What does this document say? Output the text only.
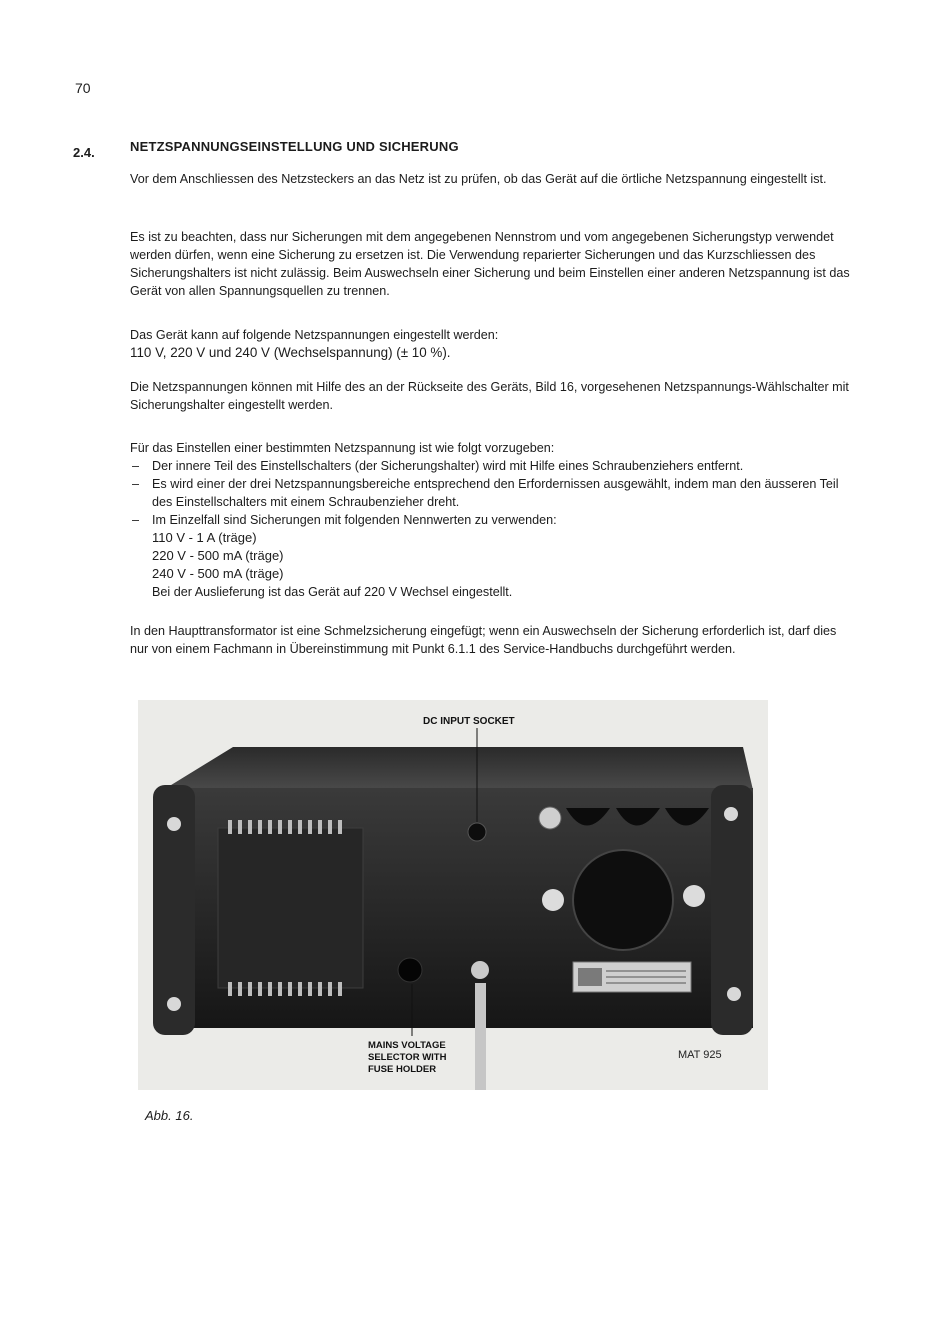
70
2.4.	NETZSPANNUNGSEINSTELLUNG UND SICHERUNG

Vor dem Anschliessen des Netzsteckers an das Netz ist zu prüfen, ob das Gerät auf die örtliche Netzspannung eingestellt ist.

Es ist zu beachten, dass nur Sicherungen mit dem angegebenen Nennstrom und vom angegebenen Sicherungstyp verwendet werden dürfen, wenn eine Sicherung zu ersetzen ist. Die Verwendung reparierter Sicherungen und das Kurzschliessen des Sicherungshalters ist nicht zulässig. Beim Auswechseln einer Sicherung und beim Einstellen einer anderen Netzspannung ist das Gerät von allen Spannungsquellen zu trennen.

Das Gerät kann auf folgende Netzspannungen eingestellt werden:
110 V, 220 V und 240 V (Wechselspannung) (± 10 %).

Die Netzspannungen können mit Hilfe des an der Rückseite des Geräts, Bild 16, vorgesehenen Netzspannungs-Wählschalter mit Sicherungshalter eingestellt werden.

Für das Einstellen einer bestimmten Netzspannung ist wie folgt vorzugeben:
– Der innere Teil des Einstellschalters (der Sicherungshalter) wird mit Hilfe eines Schraubenziehers entfernt.
– Es wird einer der drei Netzspannungsbereiche entsprechend den Erfordernissen ausgewählt, indem man den äusseren Teil des Einstellschalters mit einem Schraubenzieher dreht.
– Im Einzelfall sind Sicherungen mit folgenden Nennwerten zu verwenden:
110 V - 1 A (träge)
220 V - 500 mA (träge)
240 V - 500 mA (träge)
Bei der Auslieferung ist das Gerät auf 220 V Wechsel eingestellt.

In den Haupttransformator ist eine Schmelzsicherung eingefügt; wenn ein Auswechseln der Sicherung erforderlich ist, darf dies nur von einem Fachmann in Übereinstimmung mit Punkt 6.1.1 des Service-Handbuchs durchgeführt werden.

DC INPUT SOCKET
MAINS VOLTAGE
SELECTOR WITH
FUSE HOLDER
MAT 925
Abb. 16.
